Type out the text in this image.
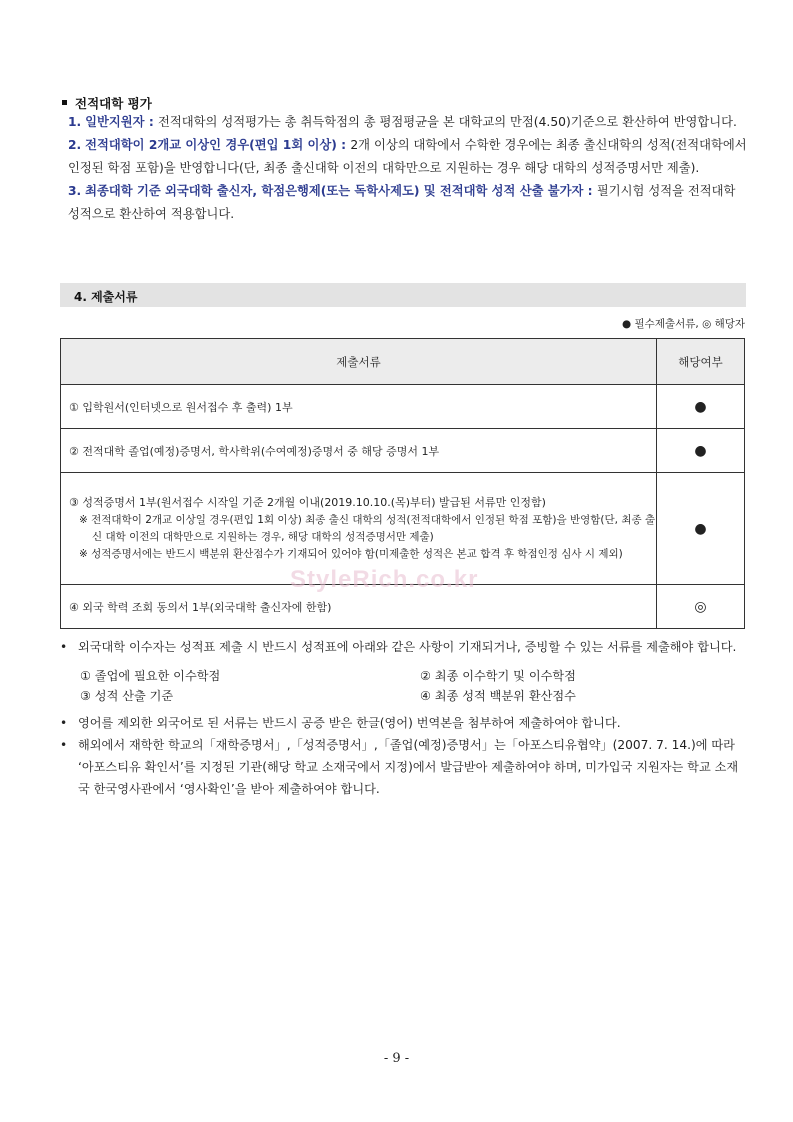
전적대학 평가
1. 일반지원자 : 전적대학의 성적평가는 총 취득학점의 총 평점평균을 본 대학교의 만점(4.50)기준으로 환산하여 반영합니다.
2. 전적대학이 2개교 이상인 경우(편입 1회 이상) : 2개 이상의 대학에서 수학한 경우에는 최종 출신대학의 성적(전적대학에서 인정된 학점 포함)을 반영합니다(단, 최종 출신대학 이전의 대학만으로 지원하는 경우 해당 대학의 성적증명서만 제출).
3. 최종대학 기준 외국대학 출신자, 학점은행제(또는 독학사제도) 및 전적대학 성적 산출 불가자 : 필기시험 성적을 전적대학 성적으로 환산하여 적용합니다.
4. 제출서류
● 필수제출서류, ◎ 해당자
제출서류	해당여부
① 입학원서(인터넷으로 원서접수 후 출력) 1부	●
② 전적대학 졸업(예정)증명서, 학사학위(수여예정)증명서 중 해당 증명서 1부	●

③ 성적증명서 1부(원서접수 시작일 기준 2개월 이내(2019.10.10.(목)부터) 발급된 서류만 인정함)
※ 전적대학이 2개교 이상일 경우(편입 1회 이상) 최종 출신 대학의 성적(전적대학에서 인정된 학점 포함)을 반영함(단, 최종 출신 대학 이전의 대학만으로 지원하는 경우, 해당 대학의 성적증명서만 제출)
※ 성적증명서에는 반드시 백분위 환산점수가 기재되어 있어야 함(미제출한 성적은 본교 합격 후 학점인정 심사 시 제외)	●
④ 외국 학력 조회 동의서 1부(외국대학 출신자에 한함)	◎
StyleRich.co.kr
• 외국대학 이수자는 성적표 제출 시 반드시 성적표에 아래와 같은 사항이 기재되거나, 증빙할 수 있는 서류를 제출해야 합니다.
① 졸업에 필요한 이수학점	② 최종 이수학기 및 이수학점
③ 성적 산출 기준	④ 최종 성적 백분위 환산점수
• 영어를 제외한 외국어로 된 서류는 반드시 공증 받은 한글(영어) 번역본을 첨부하여 제출하여야 합니다.
• 해외에서 재학한 학교의「재학증명서」,「성적증명서」,「졸업(예정)증명서」는「아포스티유협약」(2007. 7. 14.)에 따라 ‘아포스티유 확인서’를 지정된 기관(해당 학교 소재국에서 지정)에서 발급받아 제출하여야 하며, 미가입국 지원자는 학교 소재국 한국영사관에서 ‘영사확인’을 받아 제출하여야 합니다.
- 9 -
